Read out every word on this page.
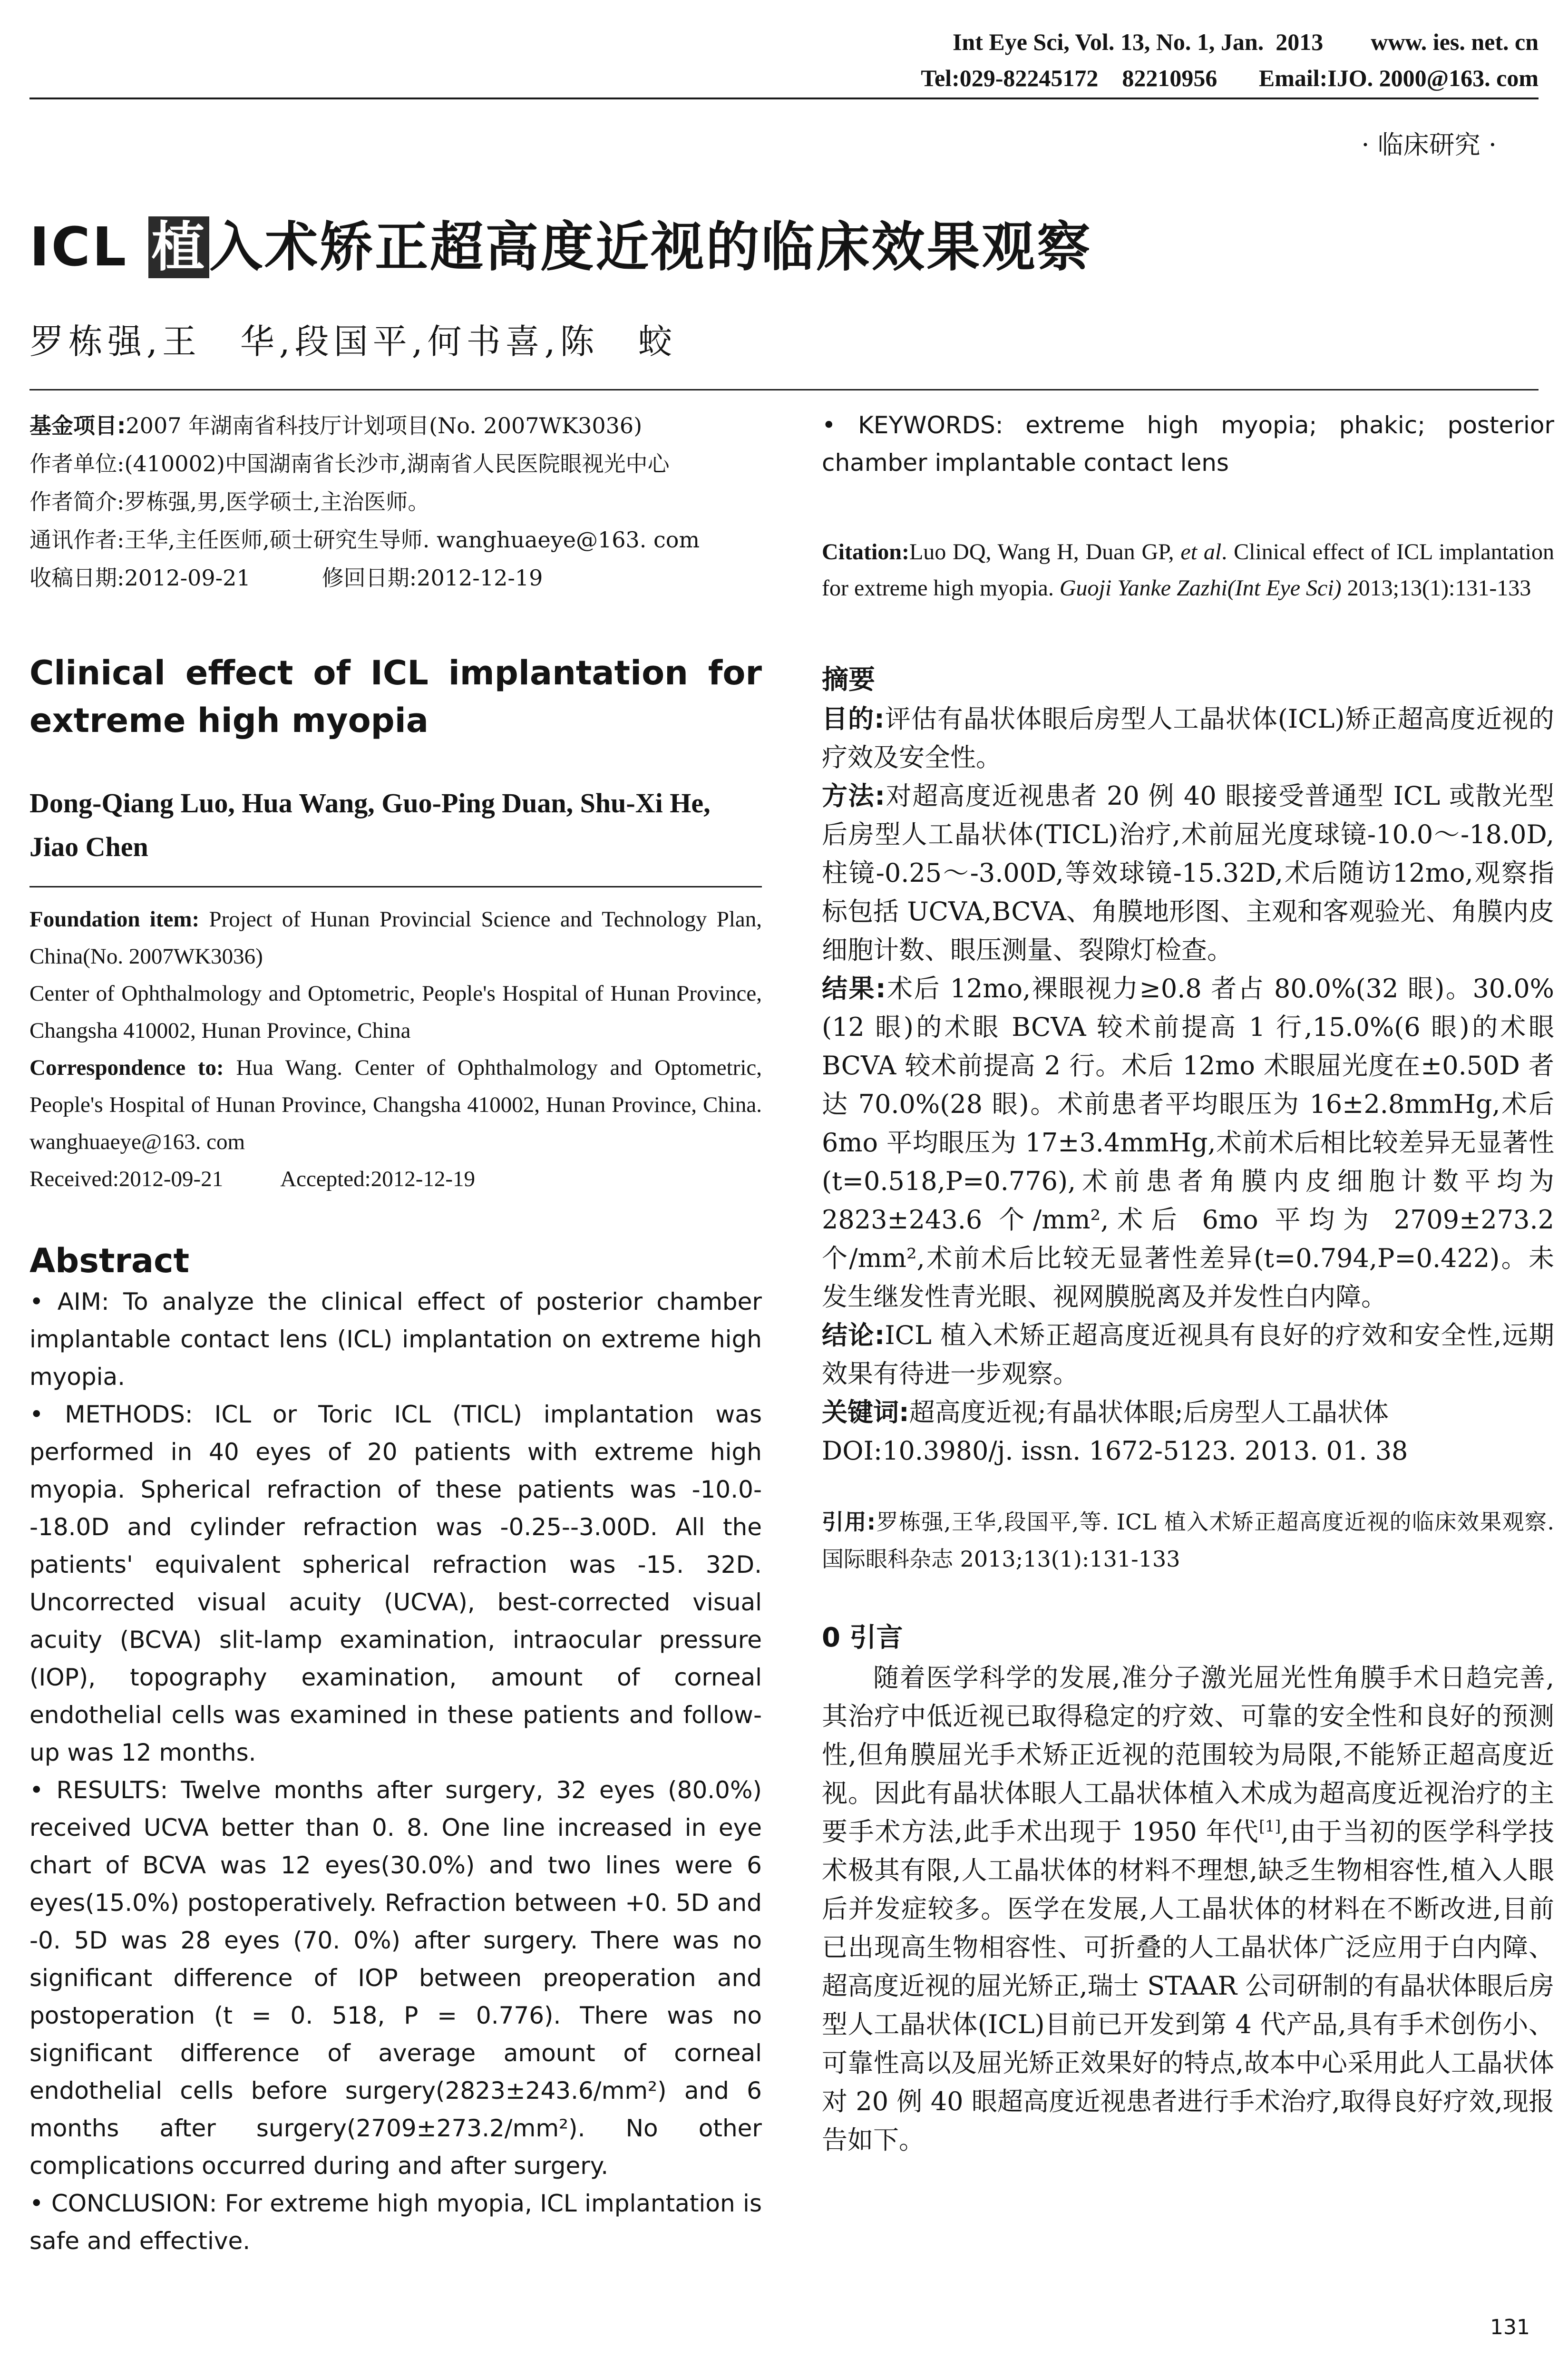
Int Eye Sci, Vol. 13, No. 1, Jan.  2013        www. ies. net. cn
Tel:029-82245172    82210956       Email:IJO. 2000@163. com
· 临床研究 ·
ICL 植入术矫正超高度近视的临床效果观察
罗栋强,王　华,段国平,何书喜,陈　蛟

基金项目:2007 年湖南省科技厅计划项目(No. 2007WK3036)

作者单位:(410002)中国湖南省长沙市,湖南省人民医院眼视光中心

作者简介:罗栋强,男,医学硕士,主治医师。

通讯作者:王华,主任医师,硕士研究生导师. wanghuaeye@163. com

收稿日期:2012-09-21	修回日期:2012-12-19

Clinical effect of ICL implantation for extreme high myopia
Dong-Qiang Luo, Hua Wang, Guo-Ping Duan, Shu-Xi He, Jiao Chen

Foundation item: Project of Hunan Provincial Science and Technology Plan, China(No. 2007WK3036)

Center of Ophthalmology and Optometric, People's Hospital of Hunan Province, Changsha 410002, Hunan Province, China

Correspondence to: Hua Wang. Center of Ophthalmology and Optometric, People's Hospital of Hunan Province, Changsha 410002, Hunan Province, China. wanghuaeye@163. com

Received:2012-09-21	Accepted:2012-12-19

Abstract

• AIM: To analyze the clinical effect of posterior chamber implantable contact lens (ICL) implantation on extreme high myopia.

• METHODS: ICL or Toric ICL (TICL) implantation was performed in 40 eyes of 20 patients with extreme high myopia. Spherical refraction of these patients was -10.0--18.0D and cylinder refraction was -0.25--3.00D. All the patients' equivalent spherical refraction was -15. 32D. Uncorrected visual acuity (UCVA), best-corrected visual acuity (BCVA) slit-lamp examination, intraocular pressure (IOP), topography examination, amount of corneal endothelial cells was examined in these patients and follow-up was 12 months.

• RESULTS: Twelve months after surgery, 32 eyes (80.0%) received UCVA better than 0. 8. One line increased in eye chart of BCVA was 12 eyes(30.0%) and two lines were 6 eyes(15.0%) postoperatively. Refraction between +0. 5D and -0. 5D was 28 eyes (70. 0%) after surgery. There was no significant difference of IOP between preoperation and postoperation (t = 0. 518, P = 0.776). There was no significant difference of average amount of corneal endothelial cells before surgery(2823±243.6/mm²) and 6 months after surgery(2709±273.2/mm²). No other complications occurred during and after surgery.

• CONCLUSION: For extreme high myopia, ICL implantation is safe and effective.

• KEYWORDS: extreme high myopia; phakic; posterior chamber implantable contact lens

Citation:Luo DQ, Wang H, Duan GP, et al. Clinical effect of ICL implantation for extreme high myopia. Guoji Yanke Zazhi(Int Eye Sci) 2013;13(1):131-133

摘要

目的:评估有晶状体眼后房型人工晶状体(ICL)矫正超高度近视的疗效及安全性。

方法:对超高度近视患者 20 例 40 眼接受普通型 ICL 或散光型后房型人工晶状体(TICL)治疗,术前屈光度球镜-10.0～-18.0D,柱镜-0.25～-3.00D,等效球镜-15.32D,术后随访12mo,观察指标包括 UCVA,BCVA、角膜地形图、主观和客观验光、角膜内皮细胞计数、眼压测量、裂隙灯检查。

结果:术后 12mo,裸眼视力≥0.8 者占 80.0%(32 眼)。30.0%(12 眼)的术眼 BCVA 较术前提高 1 行,15.0%(6 眼)的术眼 BCVA 较术前提高 2 行。术后 12mo 术眼屈光度在±0.50D 者达 70.0%(28 眼)。术前患者平均眼压为 16±2.8mmHg,术后 6mo 平均眼压为 17±3.4mmHg,术前术后相比较差异无显著性(t=0.518,P=0.776),术前患者角膜内皮细胞计数平均为 2823±243.6 个/mm²,术后 6mo 平均为 2709±273.2 个/mm²,术前术后比较无显著性差异(t=0.794,P=0.422)。未发生继发性青光眼、视网膜脱离及并发性白内障。

结论:ICL 植入术矫正超高度近视具有良好的疗效和安全性,远期效果有待进一步观察。

关键词:超高度近视;有晶状体眼;后房型人工晶状体

DOI:10.3980/j. issn. 1672-5123. 2013. 01. 38

引用:罗栋强,王华,段国平,等. ICL 植入术矫正超高度近视的临床效果观察. 国际眼科杂志 2013;13(1):131-133

0 引言

随着医学科学的发展,准分子激光屈光性角膜手术日趋完善,其治疗中低近视已取得稳定的疗效、可靠的安全性和良好的预测性,但角膜屈光手术矫正近视的范围较为局限,不能矫正超高度近视。因此有晶状体眼人工晶状体植入术成为超高度近视治疗的主要手术方法,此手术出现于 1950 年代[1],由于当初的医学科学技术极其有限,人工晶状体的材料不理想,缺乏生物相容性,植入人眼后并发症较多。医学在发展,人工晶状体的材料在不断改进,目前已出现高生物相容性、可折叠的人工晶状体广泛应用于白内障、超高度近视的屈光矫正,瑞士 STAAR 公司研制的有晶状体眼后房型人工晶状体(ICL)目前已开发到第 4 代产品,具有手术创伤小、可靠性高以及屈光矫正效果好的特点,故本中心采用此人工晶状体对 20 例 40 眼超高度近视患者进行手术治疗,取得良好疗效,现报告如下。

131
